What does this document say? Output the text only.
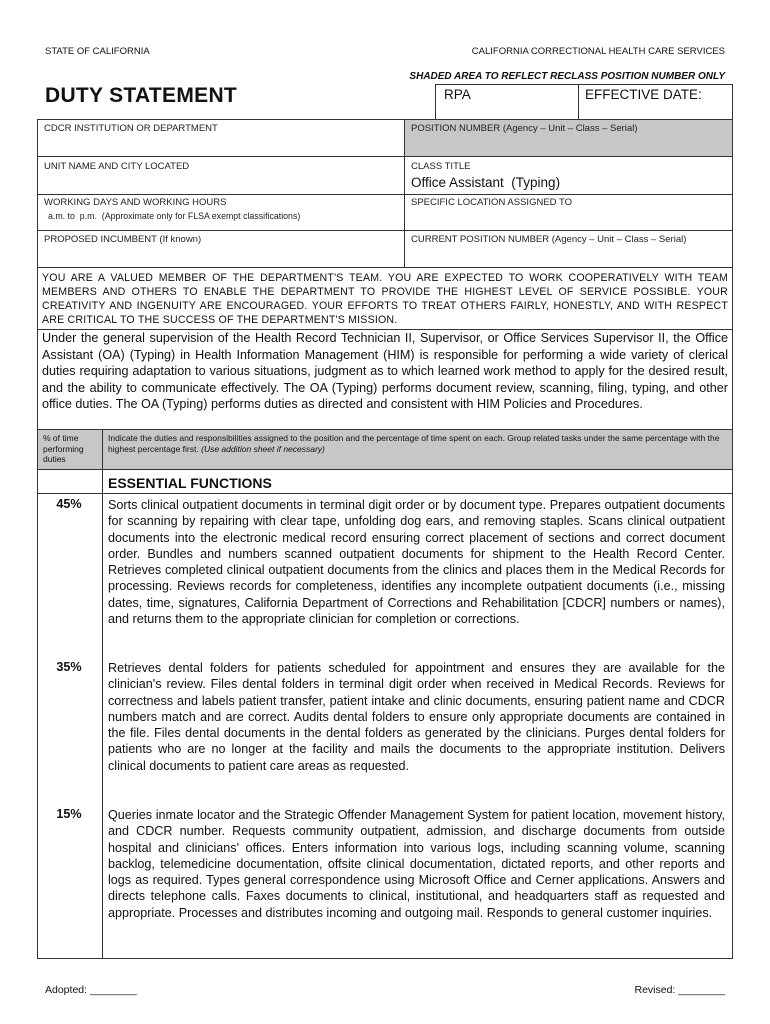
STATE OF CALIFORNIA	CALIFORNIA CORRECTIONAL HEALTH CARE SERVICES
SHADED AREA TO REFLECT RECLASS POSITION NUMBER ONLY
DUTY STATEMENT	RPA	EFFECTIVE DATE:
CDCR INSTITUTION OR DEPARTMENT	POSITION NUMBER (Agency – Unit – Class – Serial)
UNIT NAME AND CITY LOCATED	CLASS TITLE
Office Assistant  (Typing)
WORKING DAYS AND WORKING HOURS
a.m. to  p.m.  (Approximate only for FLSA exempt classifications)
SPECIFIC LOCATION ASSIGNED TO
PROPOSED INCUMBENT (If known)	CURRENT POSITION NUMBER (Agency – Unit – Class – Serial)
YOU ARE A VALUED MEMBER OF THE DEPARTMENT'S TEAM. YOU ARE EXPECTED TO WORK COOPERATIVELY WITH TEAM MEMBERS AND OTHERS TO ENABLE THE DEPARTMENT TO PROVIDE THE HIGHEST LEVEL OF SERVICE POSSIBLE. YOUR CREATIVITY AND INGENUITY ARE ENCOURAGED. YOUR EFFORTS TO TREAT OTHERS FAIRLY, HONESTLY, AND WITH RESPECT ARE CRITICAL TO THE SUCCESS OF THE DEPARTMENT'S MISSION.
Under the general supervision of the Health Record Technician II, Supervisor, or Office Services Supervisor II, the Office Assistant (OA) (Typing) in Health Information Management (HIM) is responsible for performing a wide variety of clerical duties requiring adaptation to various situations, judgment as to which learned work method to apply for the desired result, and the ability to communicate effectively. The OA (Typing) performs document review, scanning, filing, typing, and other office duties. The OA (Typing) performs duties as directed and consistent with HIM Policies and Procedures.
% of time performing duties
Indicate the duties and responsibilities assigned to the position and the percentage of time spent on each. Group related tasks under the same percentage with the highest percentage first. (Use addition sheet if necessary)
ESSENTIAL FUNCTIONS
45%	Sorts clinical outpatient documents in terminal digit order or by document type. Prepares outpatient documents for scanning by repairing with clear tape, unfolding dog ears, and removing staples. Scans clinical outpatient documents into the electronic medical record ensuring correct placement of sections and correct document order. Bundles and numbers scanned outpatient documents for shipment to the Health Record Center. Retrieves completed clinical outpatient documents from the clinics and places them in the Medical Records for processing. Reviews records for completeness, identifies any incomplete outpatient documents (i.e., missing dates, time, signatures, California Department of Corrections and Rehabilitation [CDCR] numbers or names), and returns them to the appropriate clinician for completion or corrections.
35%	Retrieves dental folders for patients scheduled for appointment and ensures they are available for the clinician's review. Files dental folders in terminal digit order when received in Medical Records. Reviews for correctness and labels patient transfer, patient intake and clinic documents, ensuring patient name and CDCR numbers match and are correct. Audits dental folders to ensure only appropriate documents are contained in the file. Files dental documents in the dental folders as generated by the clinicians. Purges dental folders for patients who are no longer at the facility and mails the documents to the appropriate institution. Delivers clinical documents to patient care areas as requested.
15%	Queries inmate locator and the Strategic Offender Management System for patient location, movement history, and CDCR number. Requests community outpatient, admission, and discharge documents from outside hospital and clinicians' offices. Enters information into various logs, including scanning volume, scanning backlog, telemedicine documentation, offsite clinical documentation, dictated reports, and other reports and logs as required. Types general correspondence using Microsoft Office and Cerner applications. Answers and directs telephone calls. Faxes documents to clinical, institutional, and headquarters staff as requested and appropriate. Processes and distributes incoming and outgoing mail. Responds to general customer inquiries.
Adopted: ________	Revised: ________
